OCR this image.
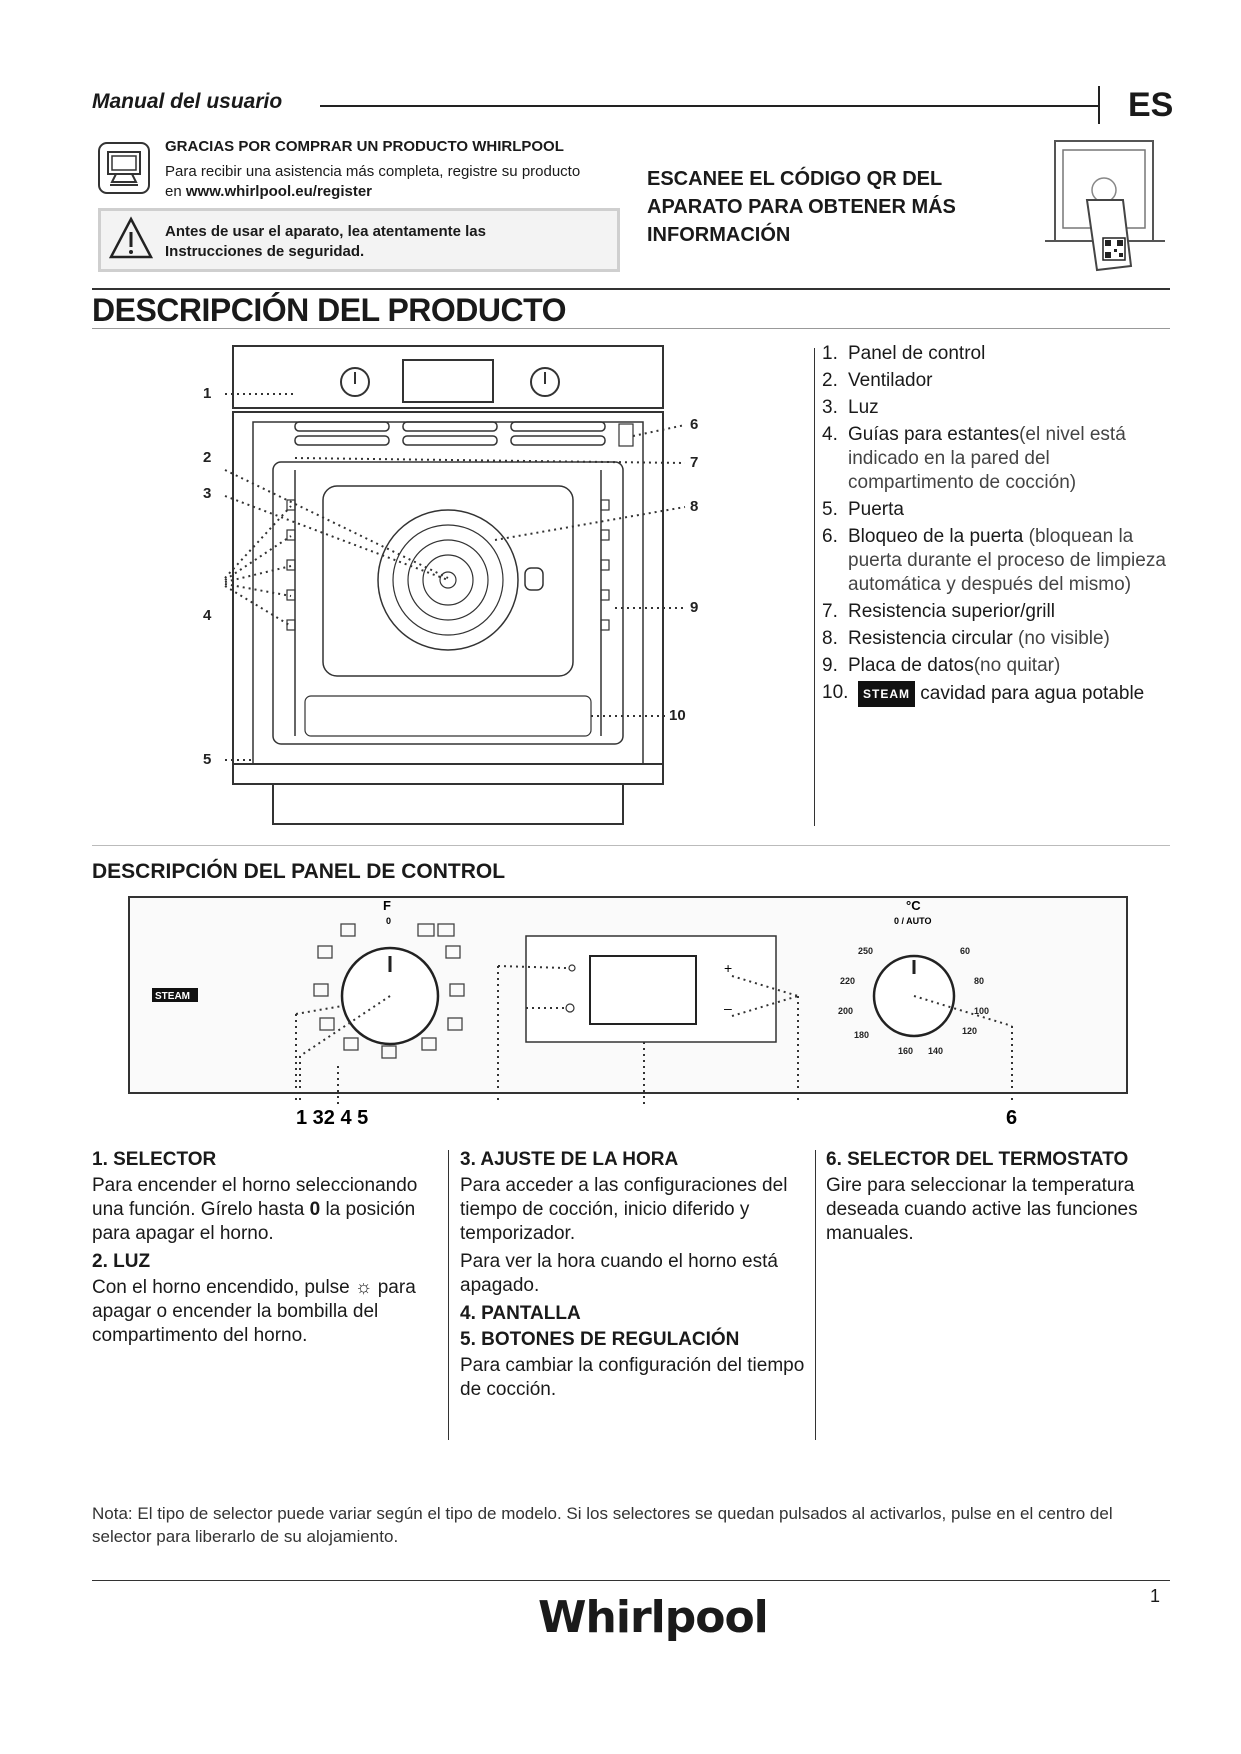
Manual del usuario	ES
GRACIAS POR COMPRAR UN PRODUCTO WHIRLPOOL
Para recibir una asistencia más completa, registre su producto en www.whirlpool.eu/register
Antes de usar el aparato, lea atentamente las Instrucciones de seguridad.
ESCANEE EL CÓDIGO QR DEL APARATO PARA OBTENER MÁS INFORMACIÓN
DESCRIPCIÓN DEL PRODUCTO
1
2
3
4
5
6
7
8
9
10
1. Panel de control
2. Ventilador
3. Luz
4. Guías para estantes(el nivel está indicado en la pared del compartimento de cocción)
5. Puerta
6. Bloqueo de la puerta (bloquean la puerta durante el proceso de limpieza automática y después del mismo)
7. Resistencia superior/grill
8. Resistencia circular (no visible)
9. Placa de datos(no quitar)
10.	STEAM cavidad para agua potable
DESCRIPCIÓN DEL PANEL DE CONTROL
STEAM
F
0
+
–
°C
0 / AUTO
250	60
220	80
200	100
180	120
160 140
1 32 4 5	6
1. SELECTOR

Para encender el horno seleccionando una función. Gírelo hasta 0 la posición para apagar el horno.

2. LUZ

Con el horno encendido, pulse ☼ para apagar o encender la bombilla del compartimento del horno.

3. AJUSTE DE LA HORA

Para acceder a las configuraciones del tiempo de cocción, inicio diferido y temporizador.

Para ver la hora cuando el horno está apagado.

4. PANTALLA
5. BOTONES DE REGULACIÓN

Para cambiar la configuración del tiempo de cocción.

6. SELECTOR DEL TERMOSTATO

Gire para seleccionar la temperatura deseada cuando active las funciones manuales.

Nota: El tipo de selector puede variar según el tipo de modelo. Si los selectores se quedan pulsados al activarlos, pulse en el centro del selector para liberarlo de su alojamiento.
1
Whirlpool
